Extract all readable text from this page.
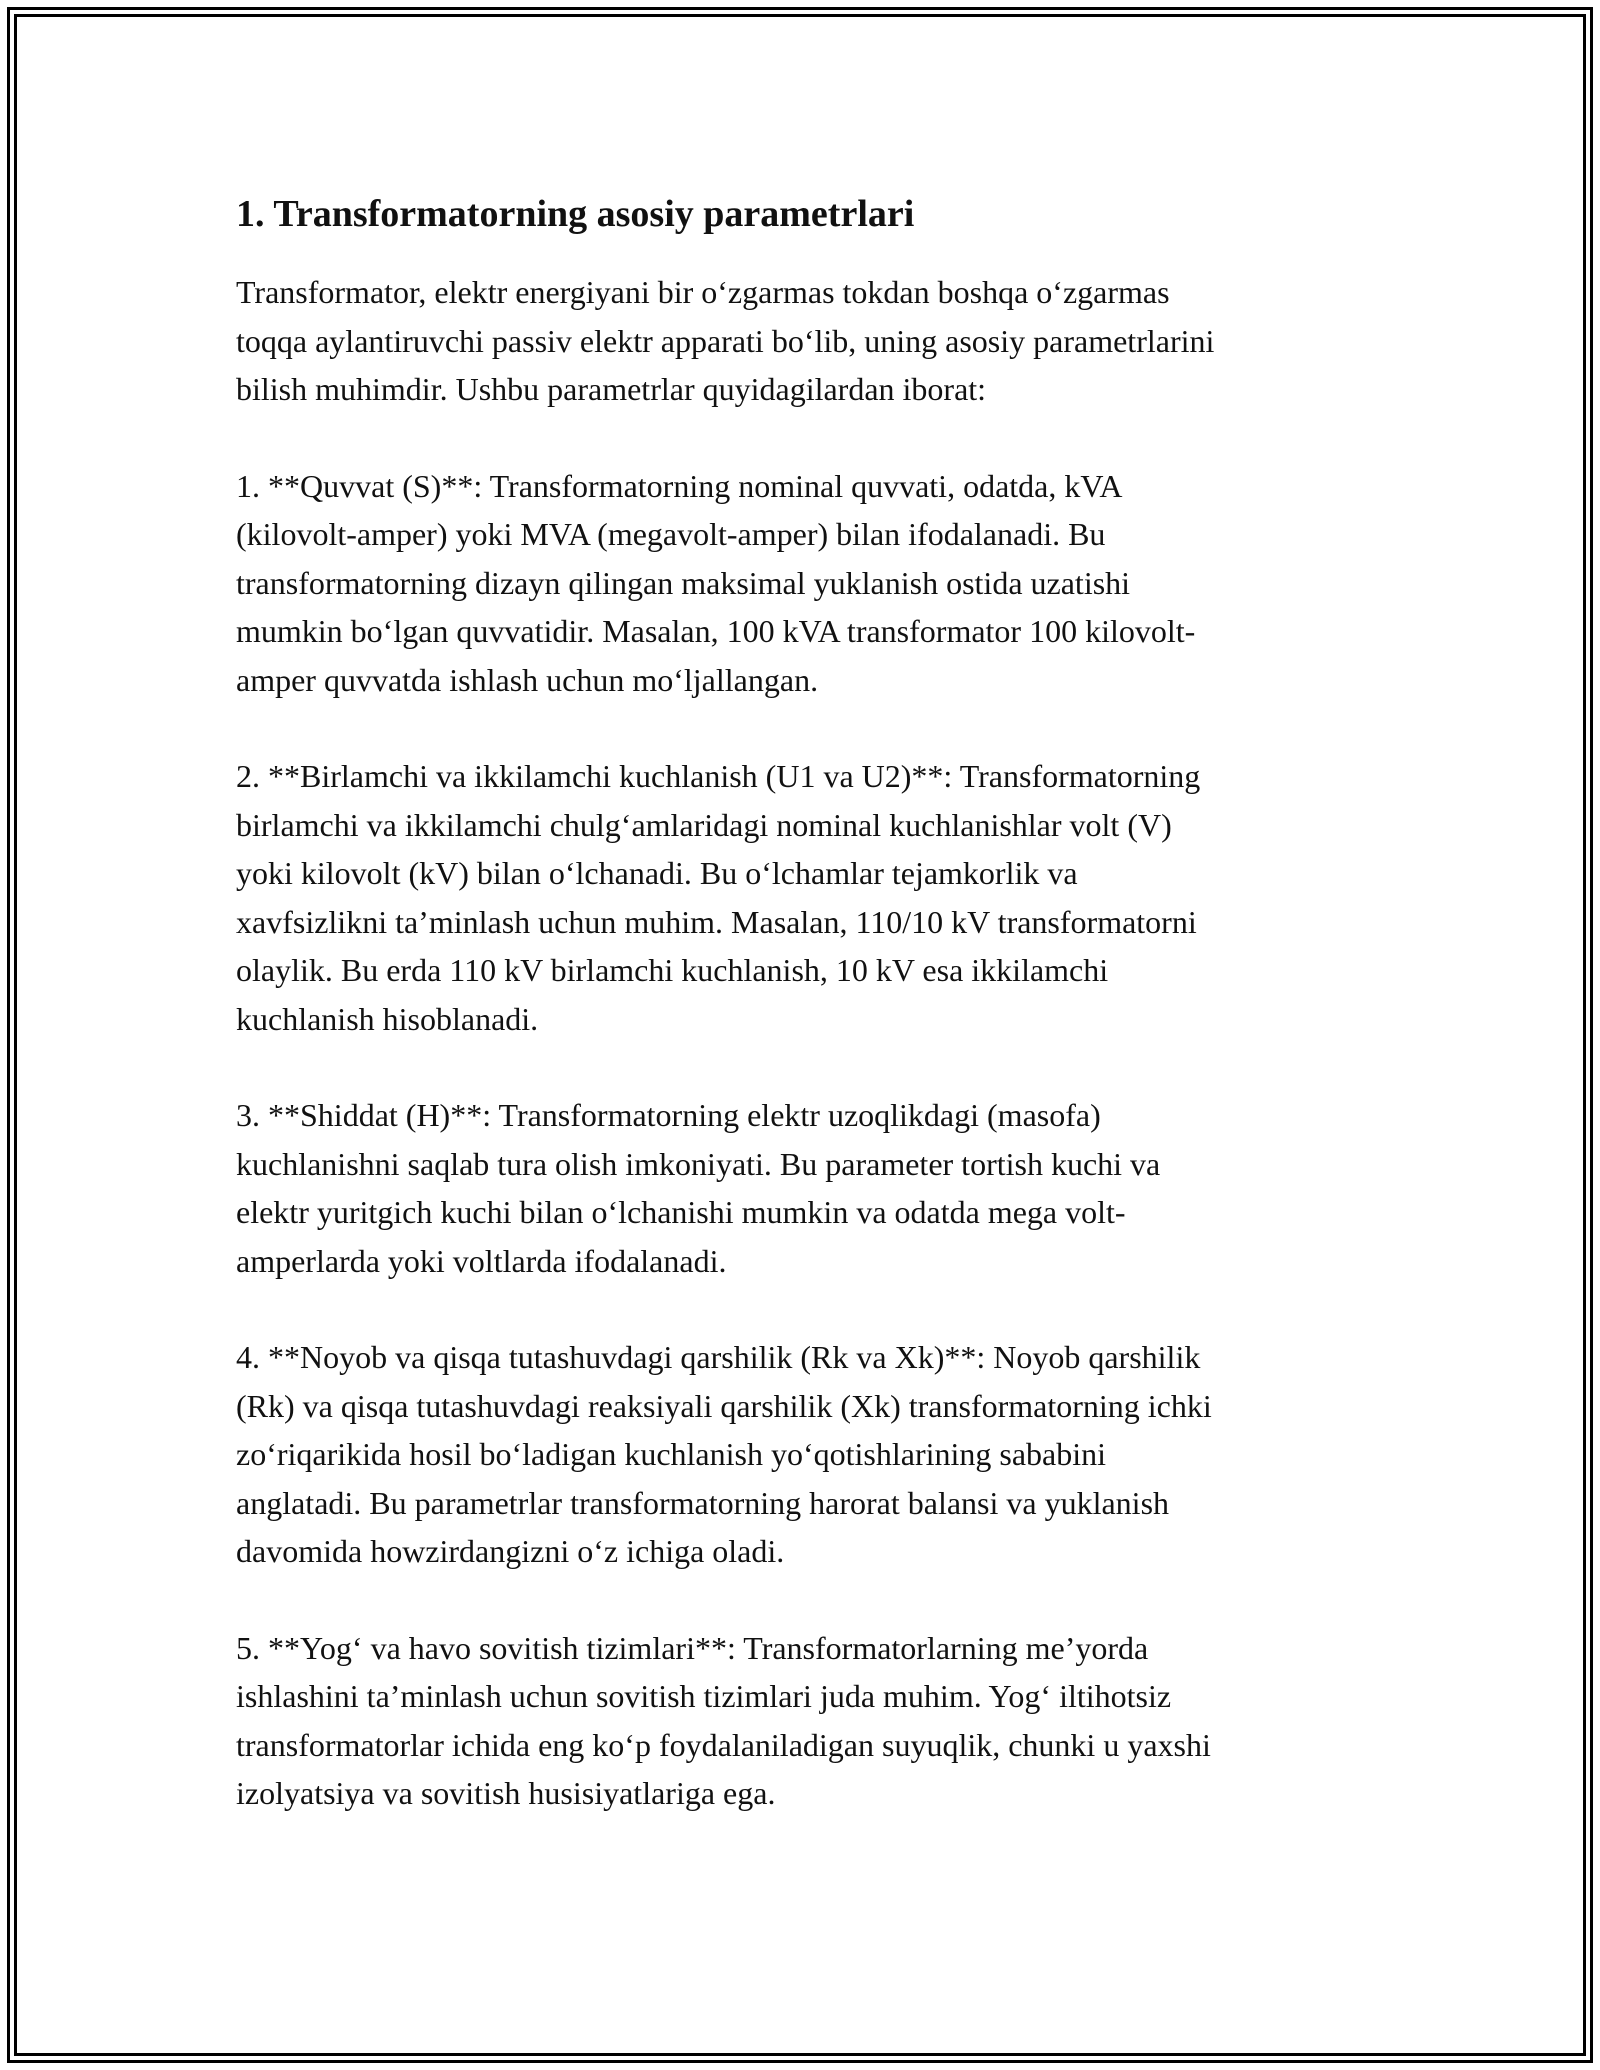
1. Transformatorning asosiy parametrlari

Transformator, elektr energiyani bir o‘zgarmas tokdan boshqa o‘zgarmas
toqqa aylantiruvchi passiv elektr apparati bo‘lib, uning asosiy parametrlarini
bilish muhimdir. Ushbu parametrlar quyidagilardan iborat:

1. **Quvvat (S)**: Transformatorning nominal quvvati, odatda, kVA
(kilovolt-amper) yoki MVA (megavolt-amper) bilan ifodalanadi. Bu
transformatorning dizayn qilingan maksimal yuklanish ostida uzatishi
mumkin bo‘lgan quvvatidir. Masalan, 100 kVA transformator 100 kilovolt-
amper quvvatda ishlash uchun mo‘ljallangan.

2. **Birlamchi va ikkilamchi kuchlanish (U1 va U2)**: Transformatorning
birlamchi va ikkilamchi chulg‘amlaridagi nominal kuchlanishlar volt (V)
yoki kilovolt (kV) bilan o‘lchanadi. Bu o‘lchamlar tejamkorlik va
xavfsizlikni ta’minlash uchun muhim. Masalan, 110/10 kV transformatorni
olaylik. Bu erda 110 kV birlamchi kuchlanish, 10 kV esa ikkilamchi
kuchlanish hisoblanadi.

3. **Shiddat (H)**: Transformatorning elektr uzoqlikdagi (masofa)
kuchlanishni saqlab tura olish imkoniyati. Bu parameter tortish kuchi va
elektr yuritgich kuchi bilan o‘lchanishi mumkin va odatda mega volt-
amperlarda yoki voltlarda ifodalanadi.

4. **Noyob va qisqa tutashuvdagi qarshilik (Rk va Xk)**: Noyob qarshilik
(Rk) va qisqa tutashuvdagi reaksiyali qarshilik (Xk) transformatorning ichki
zo‘riqarikida hosil bo‘ladigan kuchlanish yo‘qotishlarining sababini
anglatadi. Bu parametrlar transformatorning harorat balansi va yuklanish
davomida howzirdangizni o‘z ichiga oladi.

5. **Yog‘ va havo sovitish tizimlari**: Transformatorlarning me’yorda
ishlashini ta’minlash uchun sovitish tizimlari juda muhim. Yog‘ iltihotsiz
transformatorlar ichida eng ko‘p foydalaniladigan suyuqlik, chunki u yaxshi
izolyatsiya va sovitish husisiyatlariga ega.
